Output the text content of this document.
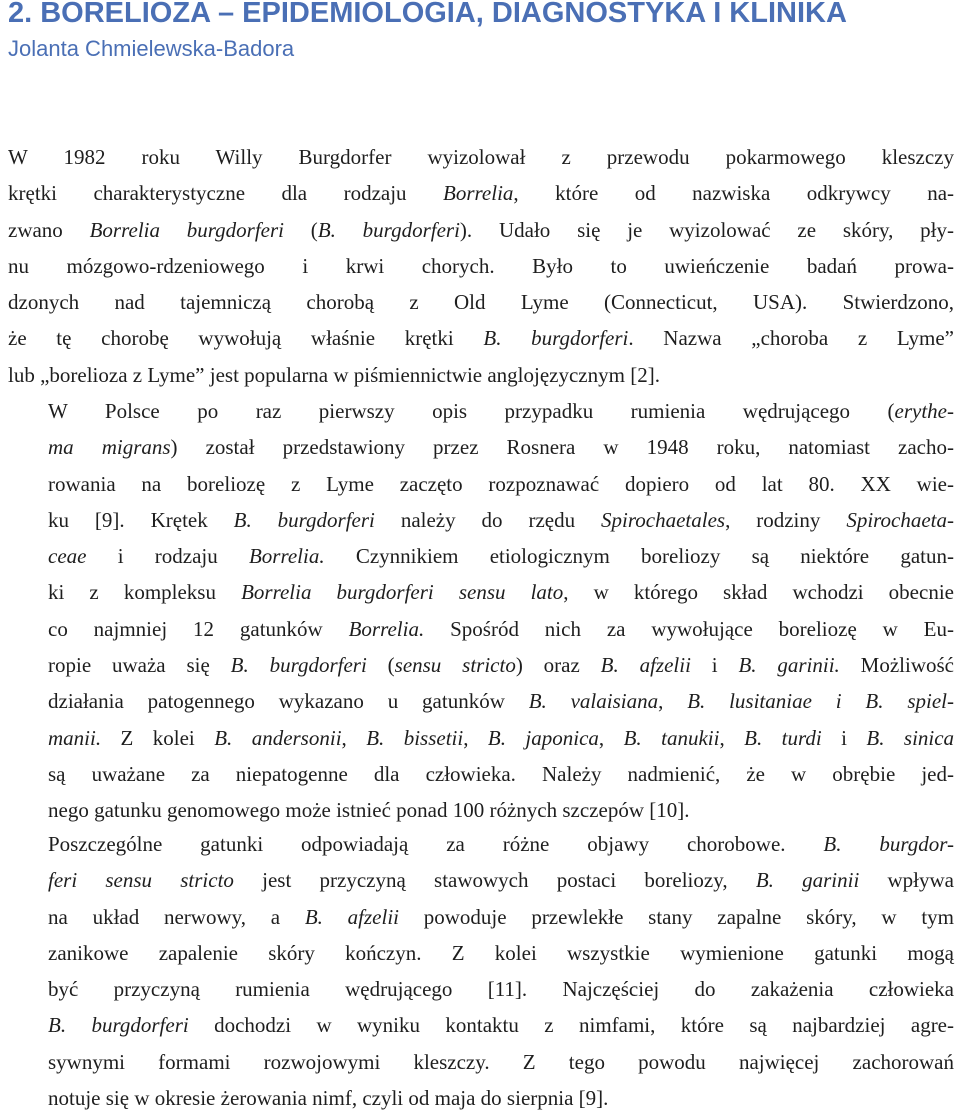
2. BORELIOZA – EPIDEMIOLOGIA, DIAGNOSTYKA I KLINIKA
Jolanta Chmielewska-Badora

W 1982 roku Willy Burgdorfer wyizolował z przewodu pokarmowego kleszczy
krętki charakterystyczne dla rodzaju Borrelia, które od nazwiska odkrywcy na-
zwano Borrelia burgdorferi (B. burgdorferi). Udało się je wyizolować ze skóry, pły-
nu mózgowo-rdzeniowego i krwi chorych. Było to uwieńczenie badań prowa-
dzonych nad tajemniczą chorobą z Old Lyme (Connecticut, USA). Stwierdzono,
że tę chorobę wywołują właśnie krętki B. burgdorferi. Nazwa „choroba z Lyme”
lub „borelioza z Lyme” jest popularna w piśmiennictwie anglojęzycznym [2].

W Polsce po raz pierwszy opis przypadku rumienia wędrującego (erythe-
ma migrans) został przedstawiony przez Rosnera w 1948 roku, natomiast zacho-
rowania na boreliozę z Lyme zaczęto rozpoznawać dopiero od lat 80. XX wie-
ku [9]. Krętek B. burgdorferi należy do rzędu Spirochaetales, rodziny Spirochaeta-
ceae i rodzaju Borrelia. Czynnikiem etiologicznym boreliozy są niektóre gatun-
ki z kompleksu Borrelia burgdorferi sensu lato, w którego skład wchodzi obecnie
co najmniej 12 gatunków Borrelia. Spośród nich za wywołujące boreliozę w Eu-
ropie uważa się B. burgdorferi (sensu stricto) oraz B. afzelii i B. garinii. Możliwość
działania patogennego wykazano u gatunków B. valaisiana, B. lusitaniae i B. spiel-
manii. Z kolei B. andersonii, B. bissetii, B. japonica, B. tanukii, B. turdi i B. sinica
są uważane za niepatogenne dla człowieka. Należy nadmienić, że w obrębie jed-
nego gatunku genomowego może istnieć ponad 100 różnych szczepów [10].

Poszczególne gatunki odpowiadają za różne objawy chorobowe. B. burgdor-
feri sensu stricto jest przyczyną stawowych postaci boreliozy, B. garinii wpływa
na układ nerwowy, a B. afzelii powoduje przewlekłe stany zapalne skóry, w tym
zanikowe zapalenie skóry kończyn. Z kolei wszystkie wymienione gatunki mogą
być przyczyną rumienia wędrującego [11]. Najczęściej do zakażenia człowieka
B. burgdorferi dochodzi w wyniku kontaktu z nimfami, które są najbardziej agre-
sywnymi formami rozwojowymi kleszczy. Z tego powodu najwięcej zachorowań
notuje się w okresie żerowania nimf, czyli od maja do sierpnia [9].
